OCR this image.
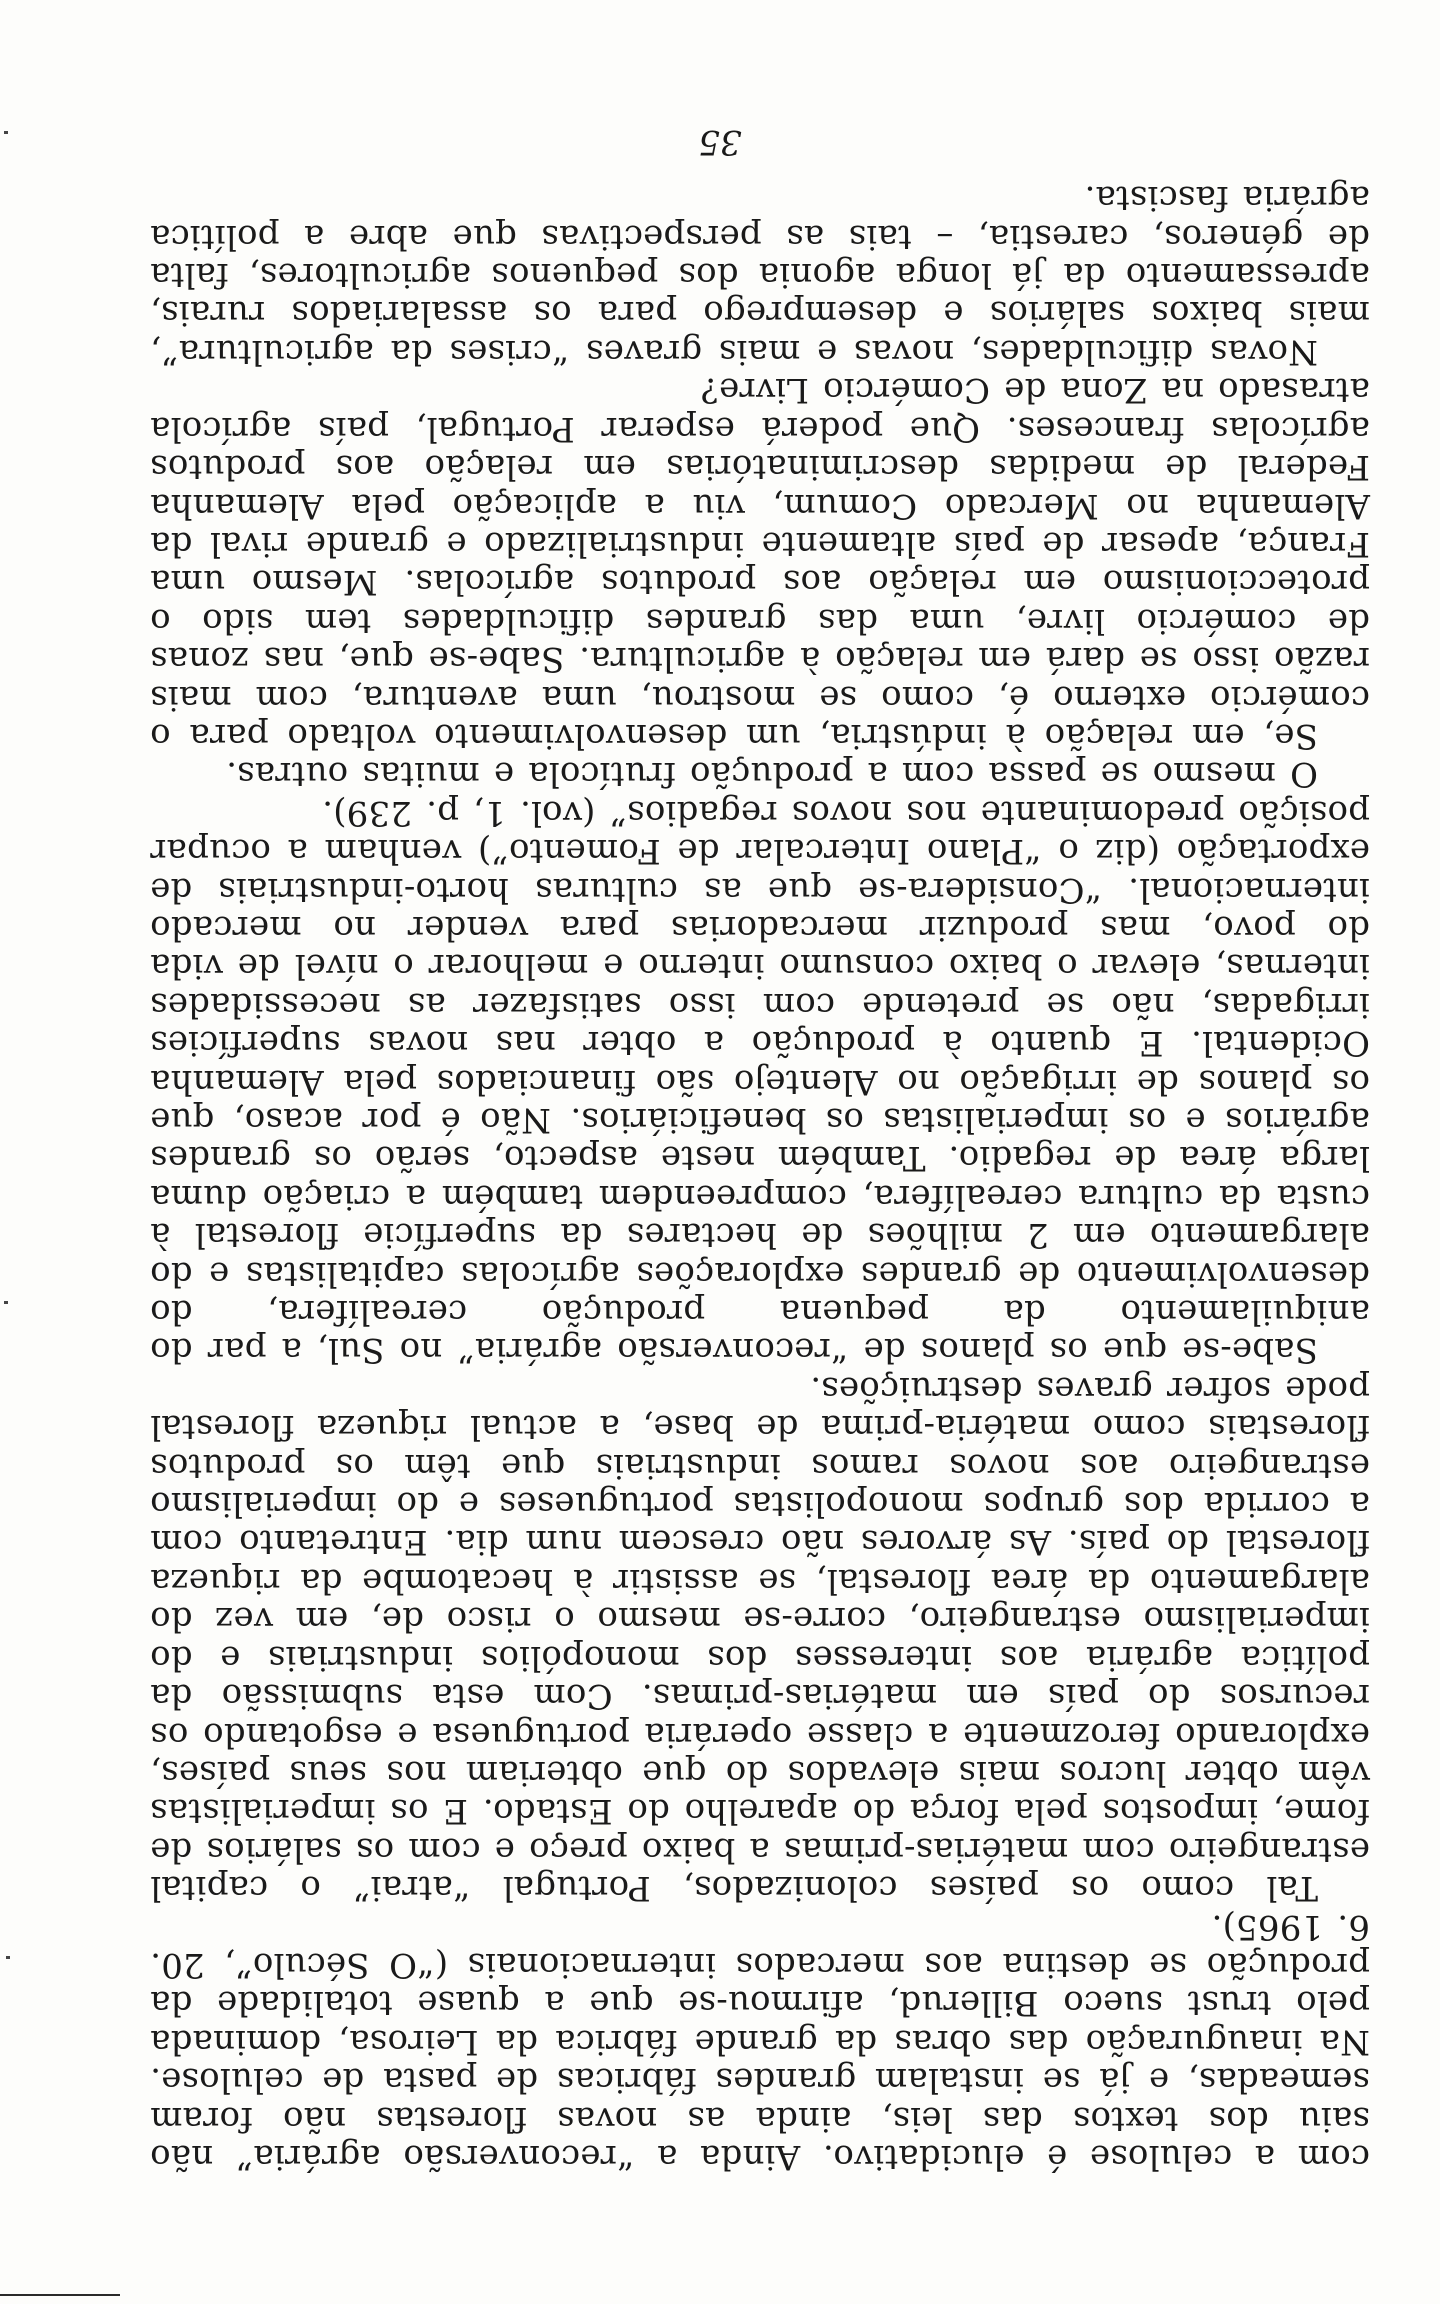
com a celulose é elucidativo. Ainda a “reconversão agrária” não saiu dos textos das leis, ainda as novas florestas não foram semeadas, e já se instalam grandes fábricas de pasta de celulose. Na inauguração das obras da grande fábrica da Leirosa, dominada pelo trust sueco Billerud, afirmou-se que a quase totalidade da produção se destina aos mercados internacionais (“O Século”, 20. 6. 1965).

Tal como os países colonizados, Portugal “atrai” o capital estrangeiro com matérias-primas a baixo preço e com os salários de fome, impostos pela força do aparelho do Estado. E os imperialistas vêm obter lucros mais elevados do que obteriam nos seus países, explorando ferozmente a classe operária portuguesa e esgotando os recursos do país em matérias-primas. Com esta submissão da política agrária aos interesses dos monopólios industriais e do imperialismo estrangeiro, corre-se mesmo o risco de, em vez do alargamento da área florestal, se assistir à hecatombe da riqueza florestal do país. As árvores não crescem num dia. Entretanto com a corrida dos grupos monopolistas portugueses e do imperialismo estrangeiro aos novos ramos industriais que têm os produtos florestais como matéria-prima de base, a actual riqueza florestal pode sofrer graves destruições.

Sabe-se que os planos de “reconversão agrária” no Sul, a par do aniquilamento da pequena produção cerealífera, do desenvolvimento de grandes explorações agrícolas capitalistas e do alargamento em 2 milhões de hectares da superfície florestal à custa da cultura cerealífera, compreendem também a criação duma larga área de regadio. Também neste aspecto, serão os grandes agrários e os imperialistas os beneficiários. Não é por acaso, que os planos de irrigação no Alentejo são financiados pela Alemanha Ocidental. E quanto à produção a obter nas novas superfícies irrigadas, não se pretende com isso satisfazer as necessidades internas, elevar o baixo consumo interno e melhorar o nível de vida do povo, mas produzir mercadorias para vender no mercado internacional. “Considera-se que as culturas horto-industriais de exportação (diz o “Plano Intercalar de Fomento”) venham a ocupar posição predominante nos novos regadios” (vol. 1, p. 239).

O mesmo se passa com a produção frutícola e muitas outras.

Se, em relação à indústria, um desenvolvimento voltado para o comércio externo é, como se mostrou, uma aventura, com mais razão isso se dará em relação à agricultura. Sabe-se que, nas zonas de comércio livre, uma das grandes dificuldades tem sido o proteccionismo em relação aos produtos agrícolas. Mesmo uma França, apesar de país altamente industrializado e grande rival da Alemanha no Mercado Comum, viu a aplicação pela Alemanha Federal de medidas descriminatórias em relação aos produtos agrícolas franceses. Que poderá esperar Portugal, país agrícola atrasado na Zona de Comércio Livre?

Novas dificuldades, novas e mais graves “crises da agricultura”, mais baixos salários e desemprego para os assalariados rurais, apressamento da já longa agonia dos pequenos agricultores, falta de géneros, carestia, – tais as perspectivas que abre a política agrária fascista.

35
